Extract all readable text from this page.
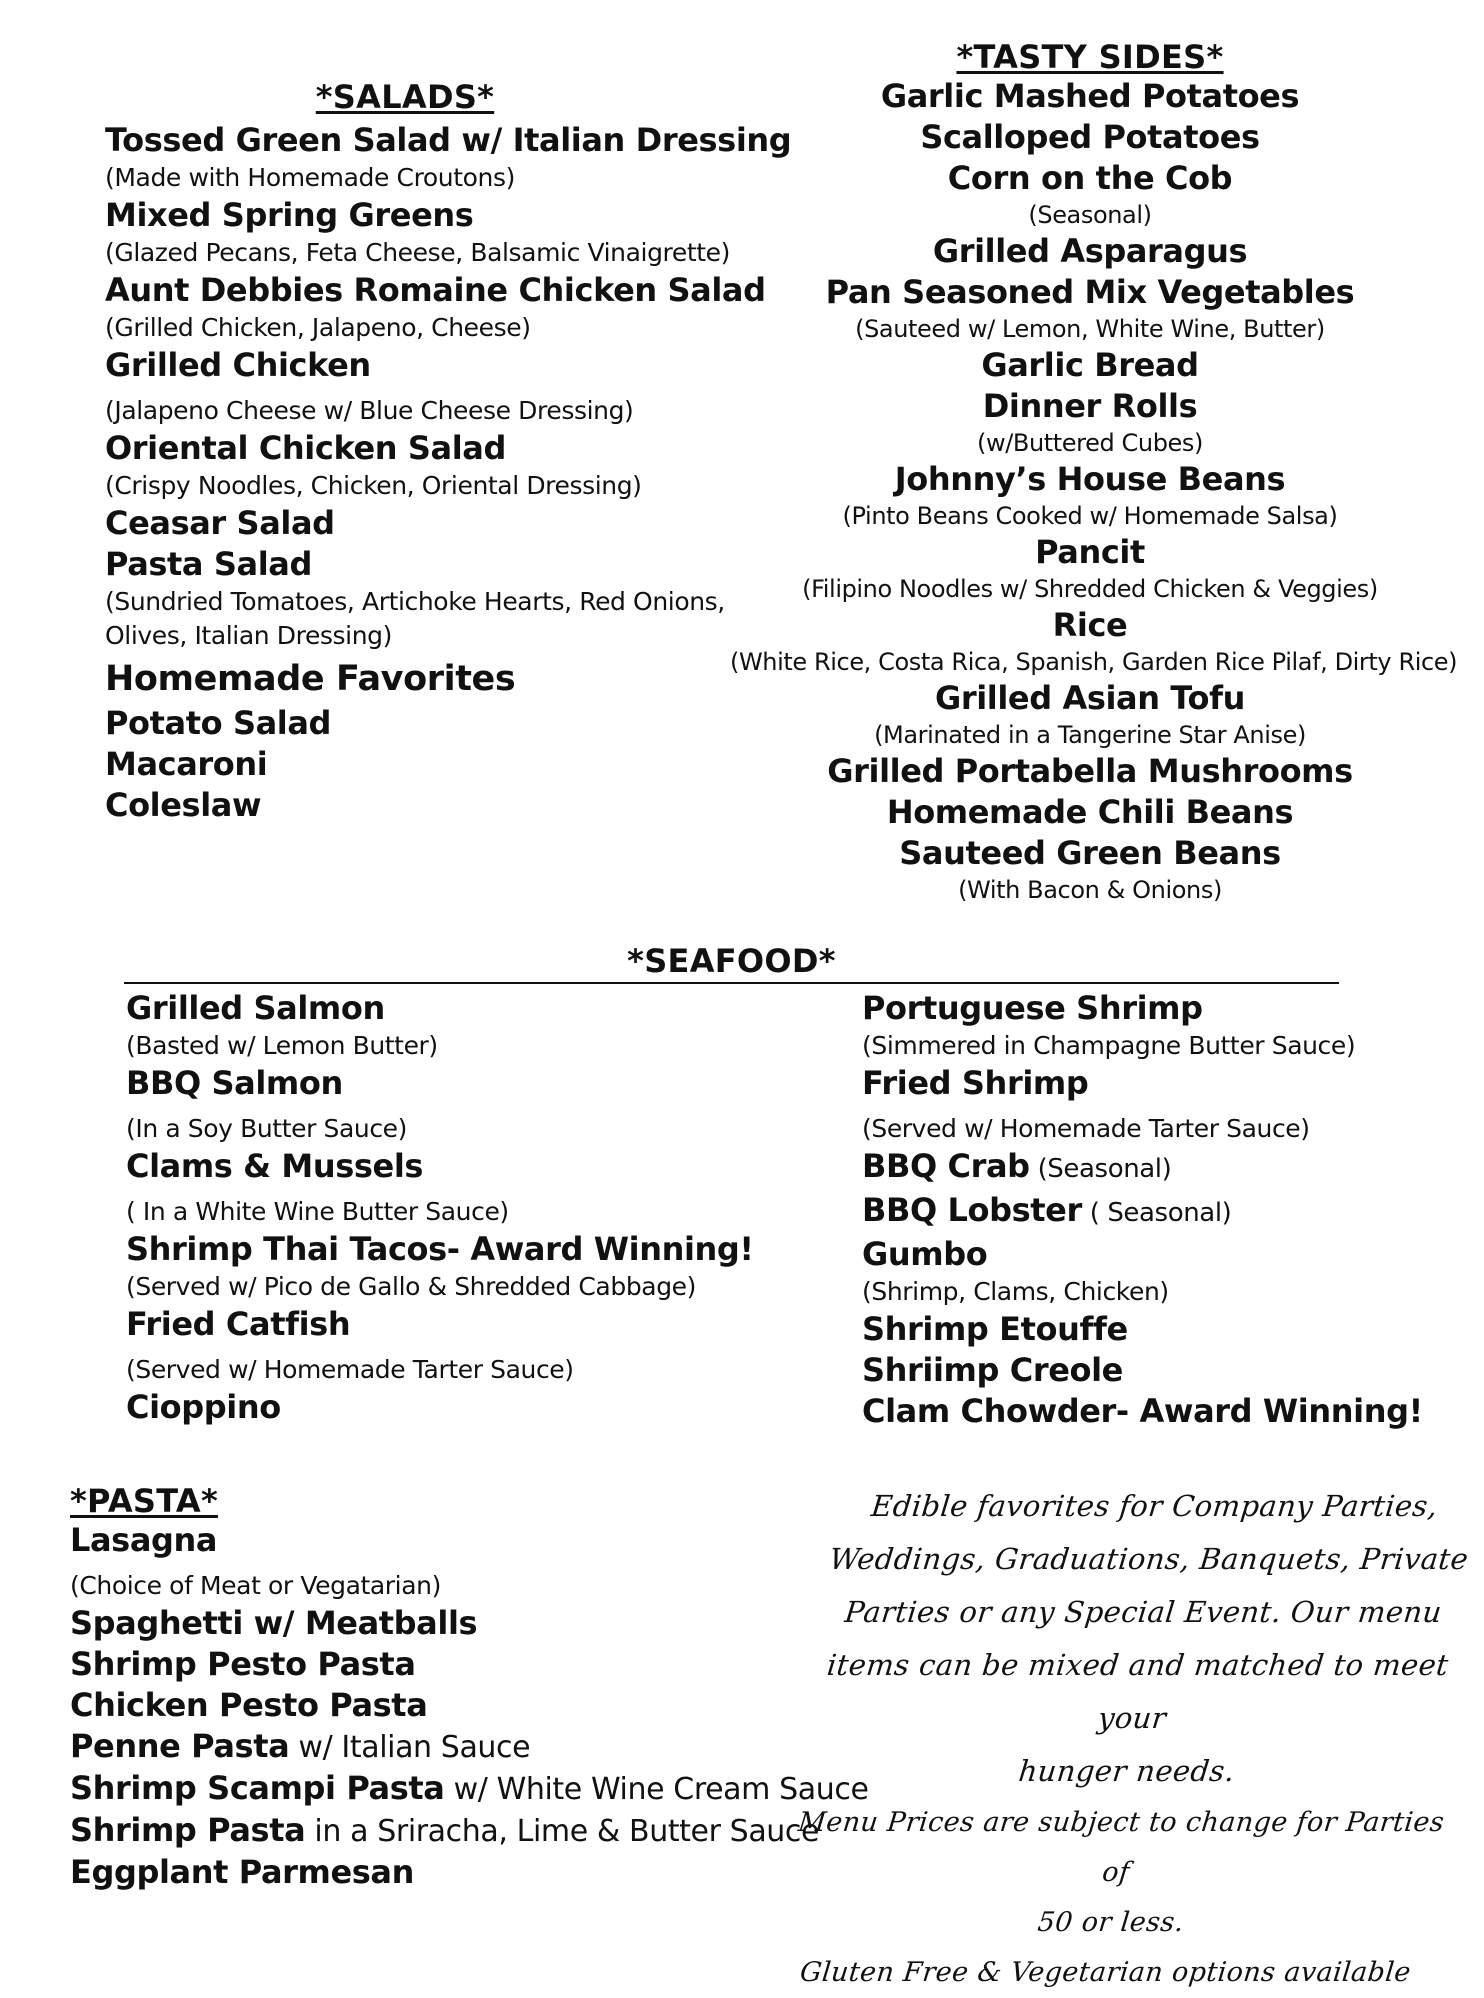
*SALADS*
Tossed Green Salad w/ Italian Dressing
(Made with Homemade Croutons)
Mixed Spring Greens
(Glazed Pecans, Feta Cheese, Balsamic Vinaigrette)
Aunt Debbies Romaine Chicken Salad
(Grilled Chicken, Jalapeno, Cheese)
Grilled Chicken
(Jalapeno Cheese w/ Blue Cheese Dressing)
Oriental Chicken Salad
(Crispy Noodles, Chicken, Oriental Dressing)
Ceasar Salad
Pasta Salad
(Sundried Tomatoes, Artichoke Hearts, Red Onions,
Olives, Italian Dressing)
Homemade Favorites
Potato Salad
Macaroni
Coleslaw
*TASTY SIDES*
Garlic Mashed Potatoes
Scalloped Potatoes
Corn on the Cob
(Seasonal)
Grilled Asparagus
Pan Seasoned Mix Vegetables
(Sauteed w/ Lemon, White Wine, Butter)
Garlic Bread
Dinner Rolls
(w/Buttered Cubes)
Johnny’s House Beans
(Pinto Beans Cooked w/ Homemade Salsa)
Pancit
(Filipino Noodles w/ Shredded Chicken & Veggies)
Rice
(White Rice, Costa Rica, Spanish, Garden Rice Pilaf, Dirty Rice)
Grilled Asian Tofu
(Marinated in a Tangerine Star Anise)
Grilled Portabella Mushrooms
Homemade Chili Beans
Sauteed Green Beans
(With Bacon & Onions)
*SEAFOOD*
Grilled Salmon
(Basted w/ Lemon Butter)
BBQ Salmon
(In a Soy Butter Sauce)
Clams & Mussels
( In a White Wine Butter Sauce)
Shrimp Thai Tacos- Award Winning!
(Served w/ Pico de Gallo & Shredded Cabbage)
Fried Catfish
(Served w/ Homemade Tarter Sauce)
Cioppino
Portuguese Shrimp
(Simmered in Champagne Butter Sauce)
Fried Shrimp
(Served w/ Homemade Tarter Sauce)
BBQ Crab (Seasonal)
BBQ Lobster ( Seasonal)
Gumbo
(Shrimp, Clams, Chicken)
Shrimp Etouffe
Shriimp Creole
Clam Chowder- Award Winning!
*PASTA*
Lasagna
(Choice of Meat or Vegatarian)
Spaghetti w/ Meatballs
Shrimp Pesto Pasta
Chicken Pesto Pasta
Penne Pasta w/ Italian Sauce
Shrimp Scampi Pasta w/ White Wine Cream Sauce
Shrimp Pasta in a Sriracha, Lime & Butter Sauce
Eggplant Parmesan
Edible favorites for Company Parties,
Weddings, Graduations, Banquets, Private
Parties or any Special Event. Our menu
items can be mixed and matched to meet your
hunger needs.
Menu Prices are subject to change for Parties of
50 or less.
Gluten Free & Vegetarian options available
